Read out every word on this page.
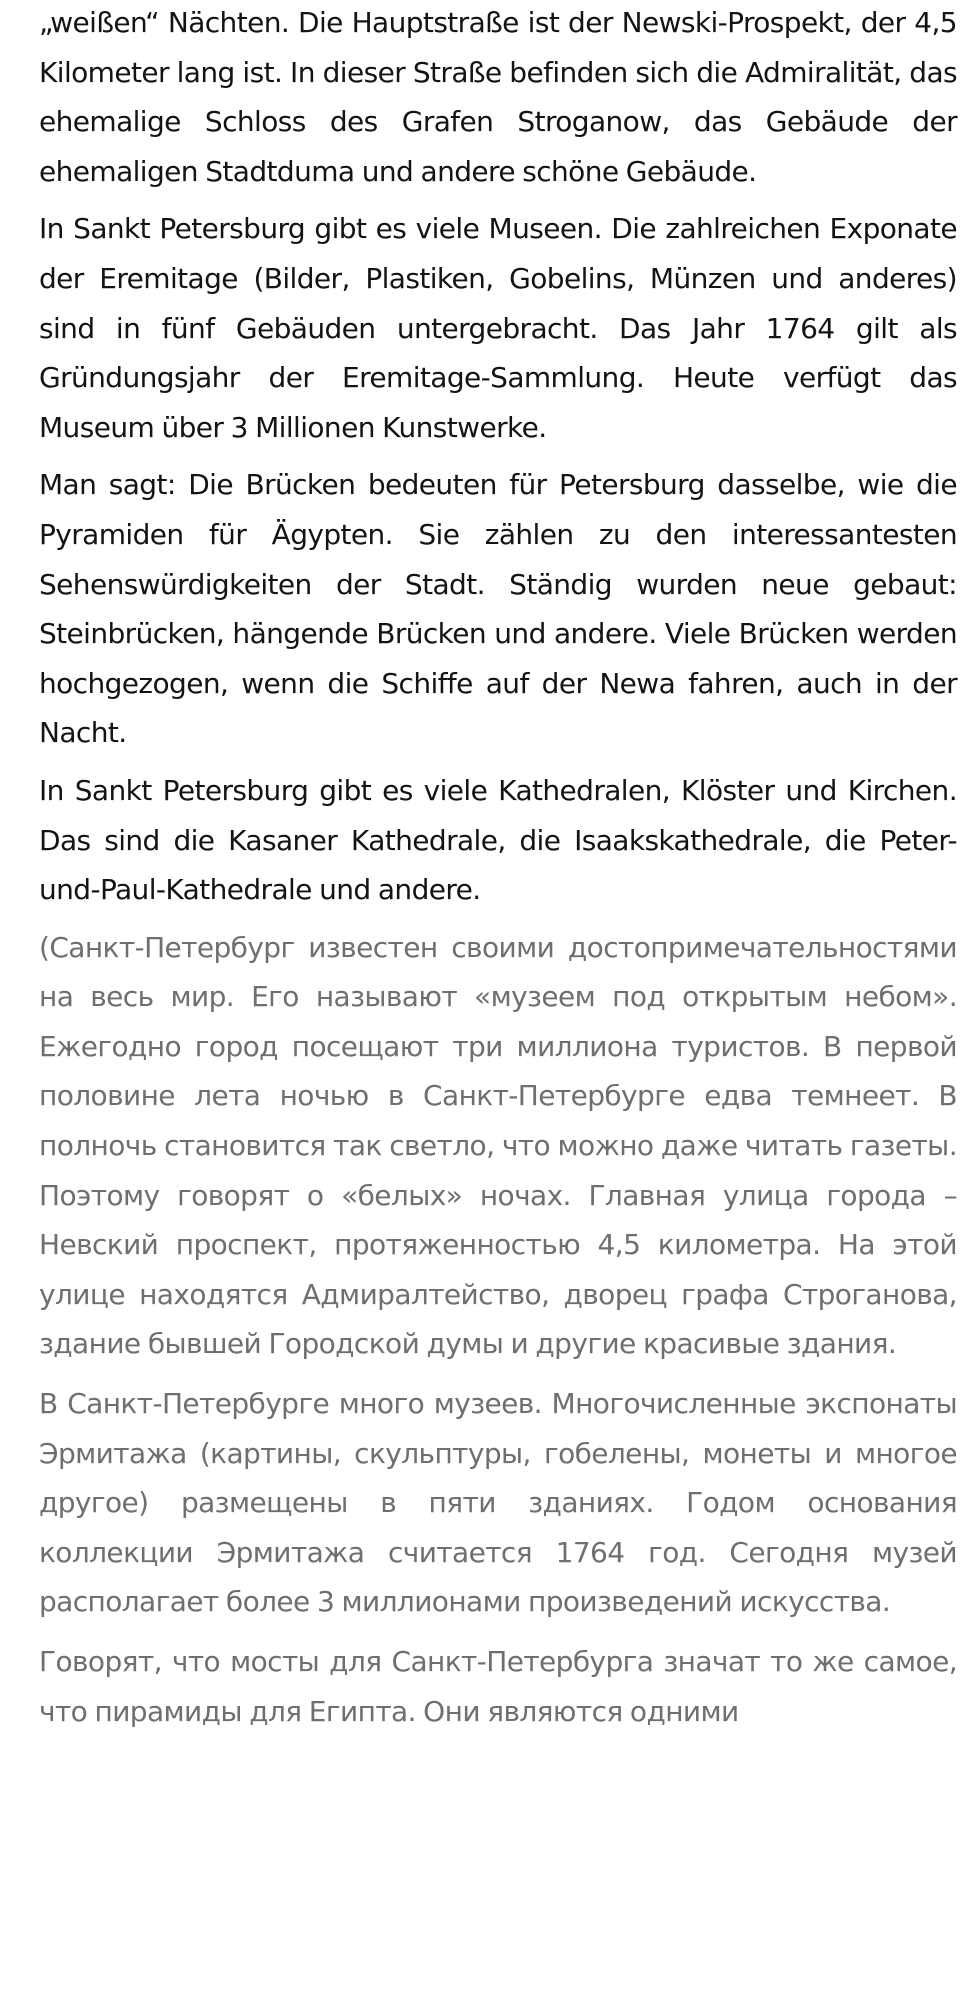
„weißen“ Nächten. Die Hauptstraße ist der Newski-Prospekt, der 4,5 Kilometer lang ist. In dieser Straße befinden sich die Admiralität, das ehemalige Schloss des Grafen Stroganow, das Gebäude der ehemaligen Stadtduma und andere schöne Gebäude.

In Sankt Petersburg gibt es viele Museen. Die zahlreichen Exponate der Eremitage (Bilder, Plastiken, Gobelins, Münzen und anderes) sind in fünf Gebäuden untergebracht. Das Jahr 1764 gilt als Gründungsjahr der Eremitage-Sammlung. Heute verfügt das Museum über 3 Millionen Kunstwerke.

Man sagt: Die Brücken bedeuten für Petersburg dasselbe, wie die Pyramiden für Ägypten. Sie zählen zu den interessantesten Sehenswürdigkeiten der Stadt. Ständig wurden neue gebaut: Steinbrücken, hängende Brücken und andere. Viele Brücken werden hochgezogen, wenn die Schiffe auf der Newa fahren, auch in der Nacht.

In Sankt Petersburg gibt es viele Kathedralen, Klöster und Kirchen. Das sind die Kasaner Kathedrale, die Isaakskathedrale, die Peter-und-Paul-Kathedrale und andere.

(Санкт-Петербург известен своими достопримечательностями на весь мир. Его называют «музеем под открытым небом». Ежегодно город посещают три миллиона туристов. В первой половине лета ночью в Санкт-Петербурге едва темнеет. В полночь становится так светло, что можно даже читать газеты. Поэтому говорят о «белых» ночах. Главная улица города – Невский проспект, протяженностью 4,5 километра. На этой улице находятся Адмиралтейство, дворец графа Строганова, здание бывшей Городской думы и другие красивые здания.

В Санкт-Петербурге много музеев. Многочисленные экспонаты Эрмитажа (картины, скульптуры, гобелены, монеты и многое другое) размещены в пяти зданиях. Годом основания коллекции Эрмитажа считается 1764 год. Сегодня музей располагает более 3 миллионами произведений искусства.

Говорят, что мосты для Санкт-Петербурга значат то же самое, что пирамиды для Египта. Они являются одними
